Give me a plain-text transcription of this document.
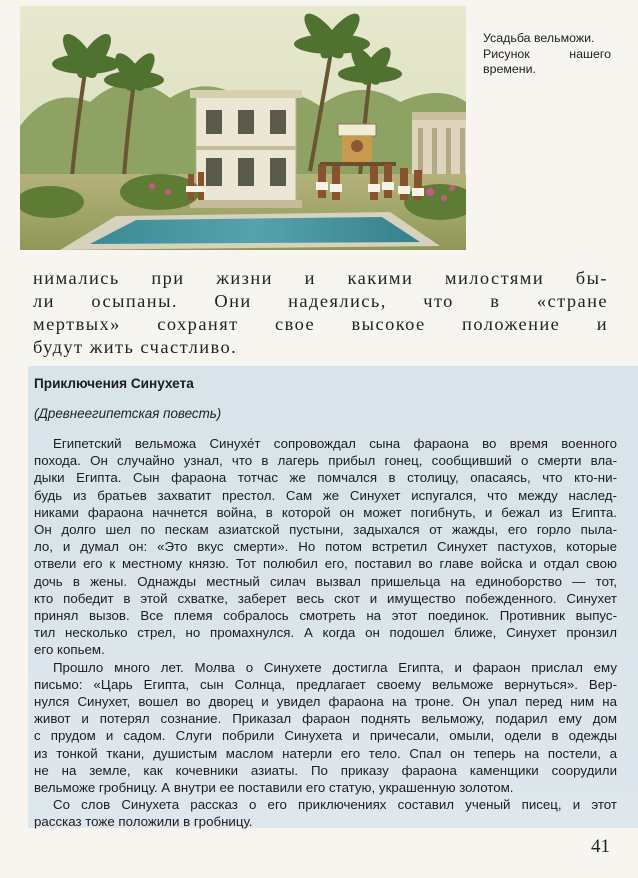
Усадьба вельможи.
Рисунок нашего
времени.
нимались при жизни и какими милостями бы-
ли осыпаны. Они надеялись, что в «стране
мертвых» сохранят свое высокое положение и
будут жить счастливо.
Приключения Синухета
(Древнеегипетская повесть)
Египетский вельможа Синухе́т сопровождал сына фараона во время военного
похода. Он случайно узнал, что в лагерь прибыл гонец, сообщивший о смерти вла-
дыки Египта. Сын фараона тотчас же помчался в столицу, опасаясь, что кто-ни-
будь из братьев захватит престол. Сам же Синухет испугался, что между наслед-
никами фараона начнется война, в которой он может погибнуть, и бежал из Египта.
Он долго шел по пескам азиатской пустыни, задыхался от жажды, его горло пыла-
ло, и думал он: «Это вкус смерти». Но потом встретил Синухет пастухов, которые
отвели его к местному князю. Тот полюбил его, поставил во главе войска и отдал свою
дочь в жены. Однажды местный силач вызвал пришельца на единоборство — тот,
кто победит в этой схватке, заберет весь скот и имущество побежденного. Синухет
принял вызов. Все племя собралось смотреть на этот поединок. Противник выпус-
тил несколько стрел, но промахнулся. А когда он подошел ближе, Синухет пронзил
его копьем.
Прошло много лет. Молва о Синухете достигла Египта, и фараон прислал ему
письмо: «Царь Египта, сын Солнца, предлагает своему вельможе вернуться». Вер-
нулся Синухет, вошел во дворец и увидел фараона на троне. Он упал перед ним на
живот и потерял сознание. Приказал фараон поднять вельможу, подарил ему дом
с прудом и садом. Слуги побрили Синухета и причесали, омыли, одели в одежды
из тонкой ткани, душистым маслом натерли его тело. Спал он теперь на постели, а
не на земле, как кочевники азиаты. По приказу фараона каменщики соорудили
вельможе гробницу. А внутри ее поставили его статую, украшенную золотом.
Со слов Синухета рассказ о его приключениях составил ученый писец, и этот
рассказ тоже положили в гробницу.
41
